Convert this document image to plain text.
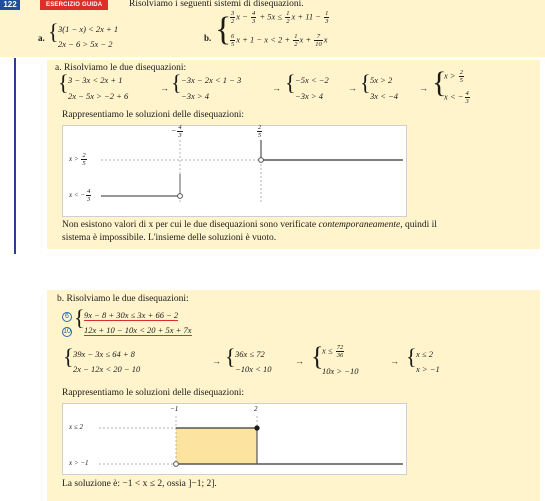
122	ESERCIZIO GUIDA	Risolviamo i seguenti sistemi di disequazioni.
a. { 3(1 − x) < 2x + 1
2x − 6 > 5x − 2
b. {
$\frac{3}{2}$ $x - \frac{4}{3} + 5x \le \frac{1}{2}$ $x + 11 - \frac{1}{3}$
$\frac{6}{5}$ $x + 1 - x < 2 + \frac{1}{2}$ $x + \frac{7}{10}$ x
a. Risolviamo le due disequazioni:
{ 3 − 3x < 2x + 1
2x − 5x > −2 + 6
→ { −3x − 2x < 1 − 3
−3x > 4
→ { −5x < −2
−3x > 4
→ { 5x > 2
3x < −4
→ {
$x > \frac{2}{5}$
x < − $\frac{4}{3}$
Rappresentiamo le soluzioni delle disequazioni:
− $\frac{4}{3}$	$\frac{2}{5}$
$x > \frac{2}{5}$
x < − $\frac{4}{3}$
Non esistono valori di x per cui le due disequazioni sono verificate contemporaneamente, quindi il
sistema è impossibile. L'insieme delle soluzioni è vuoto.
b. Risolviamo le due disequazioni:
6
10
{ 9x − 8 + 30x ≤ 3x + 66 − 2
12x + 10 − 10x < 20 + 5x + 7x
{ 39x − 3x ≤ 64 + 8
2x − 12x < 20 − 10
→ { 36x ≤ 72
−10x < 10
→ {
$x \le \frac{72}{36}$
10x > −10
→ { x ≤ 2
x > −1
Rappresentiamo le soluzioni delle disequazioni:
−1	2
x ≤ 2
x > −1
La soluzione è: −1 < x ≤ 2, ossia ]−1; 2].
